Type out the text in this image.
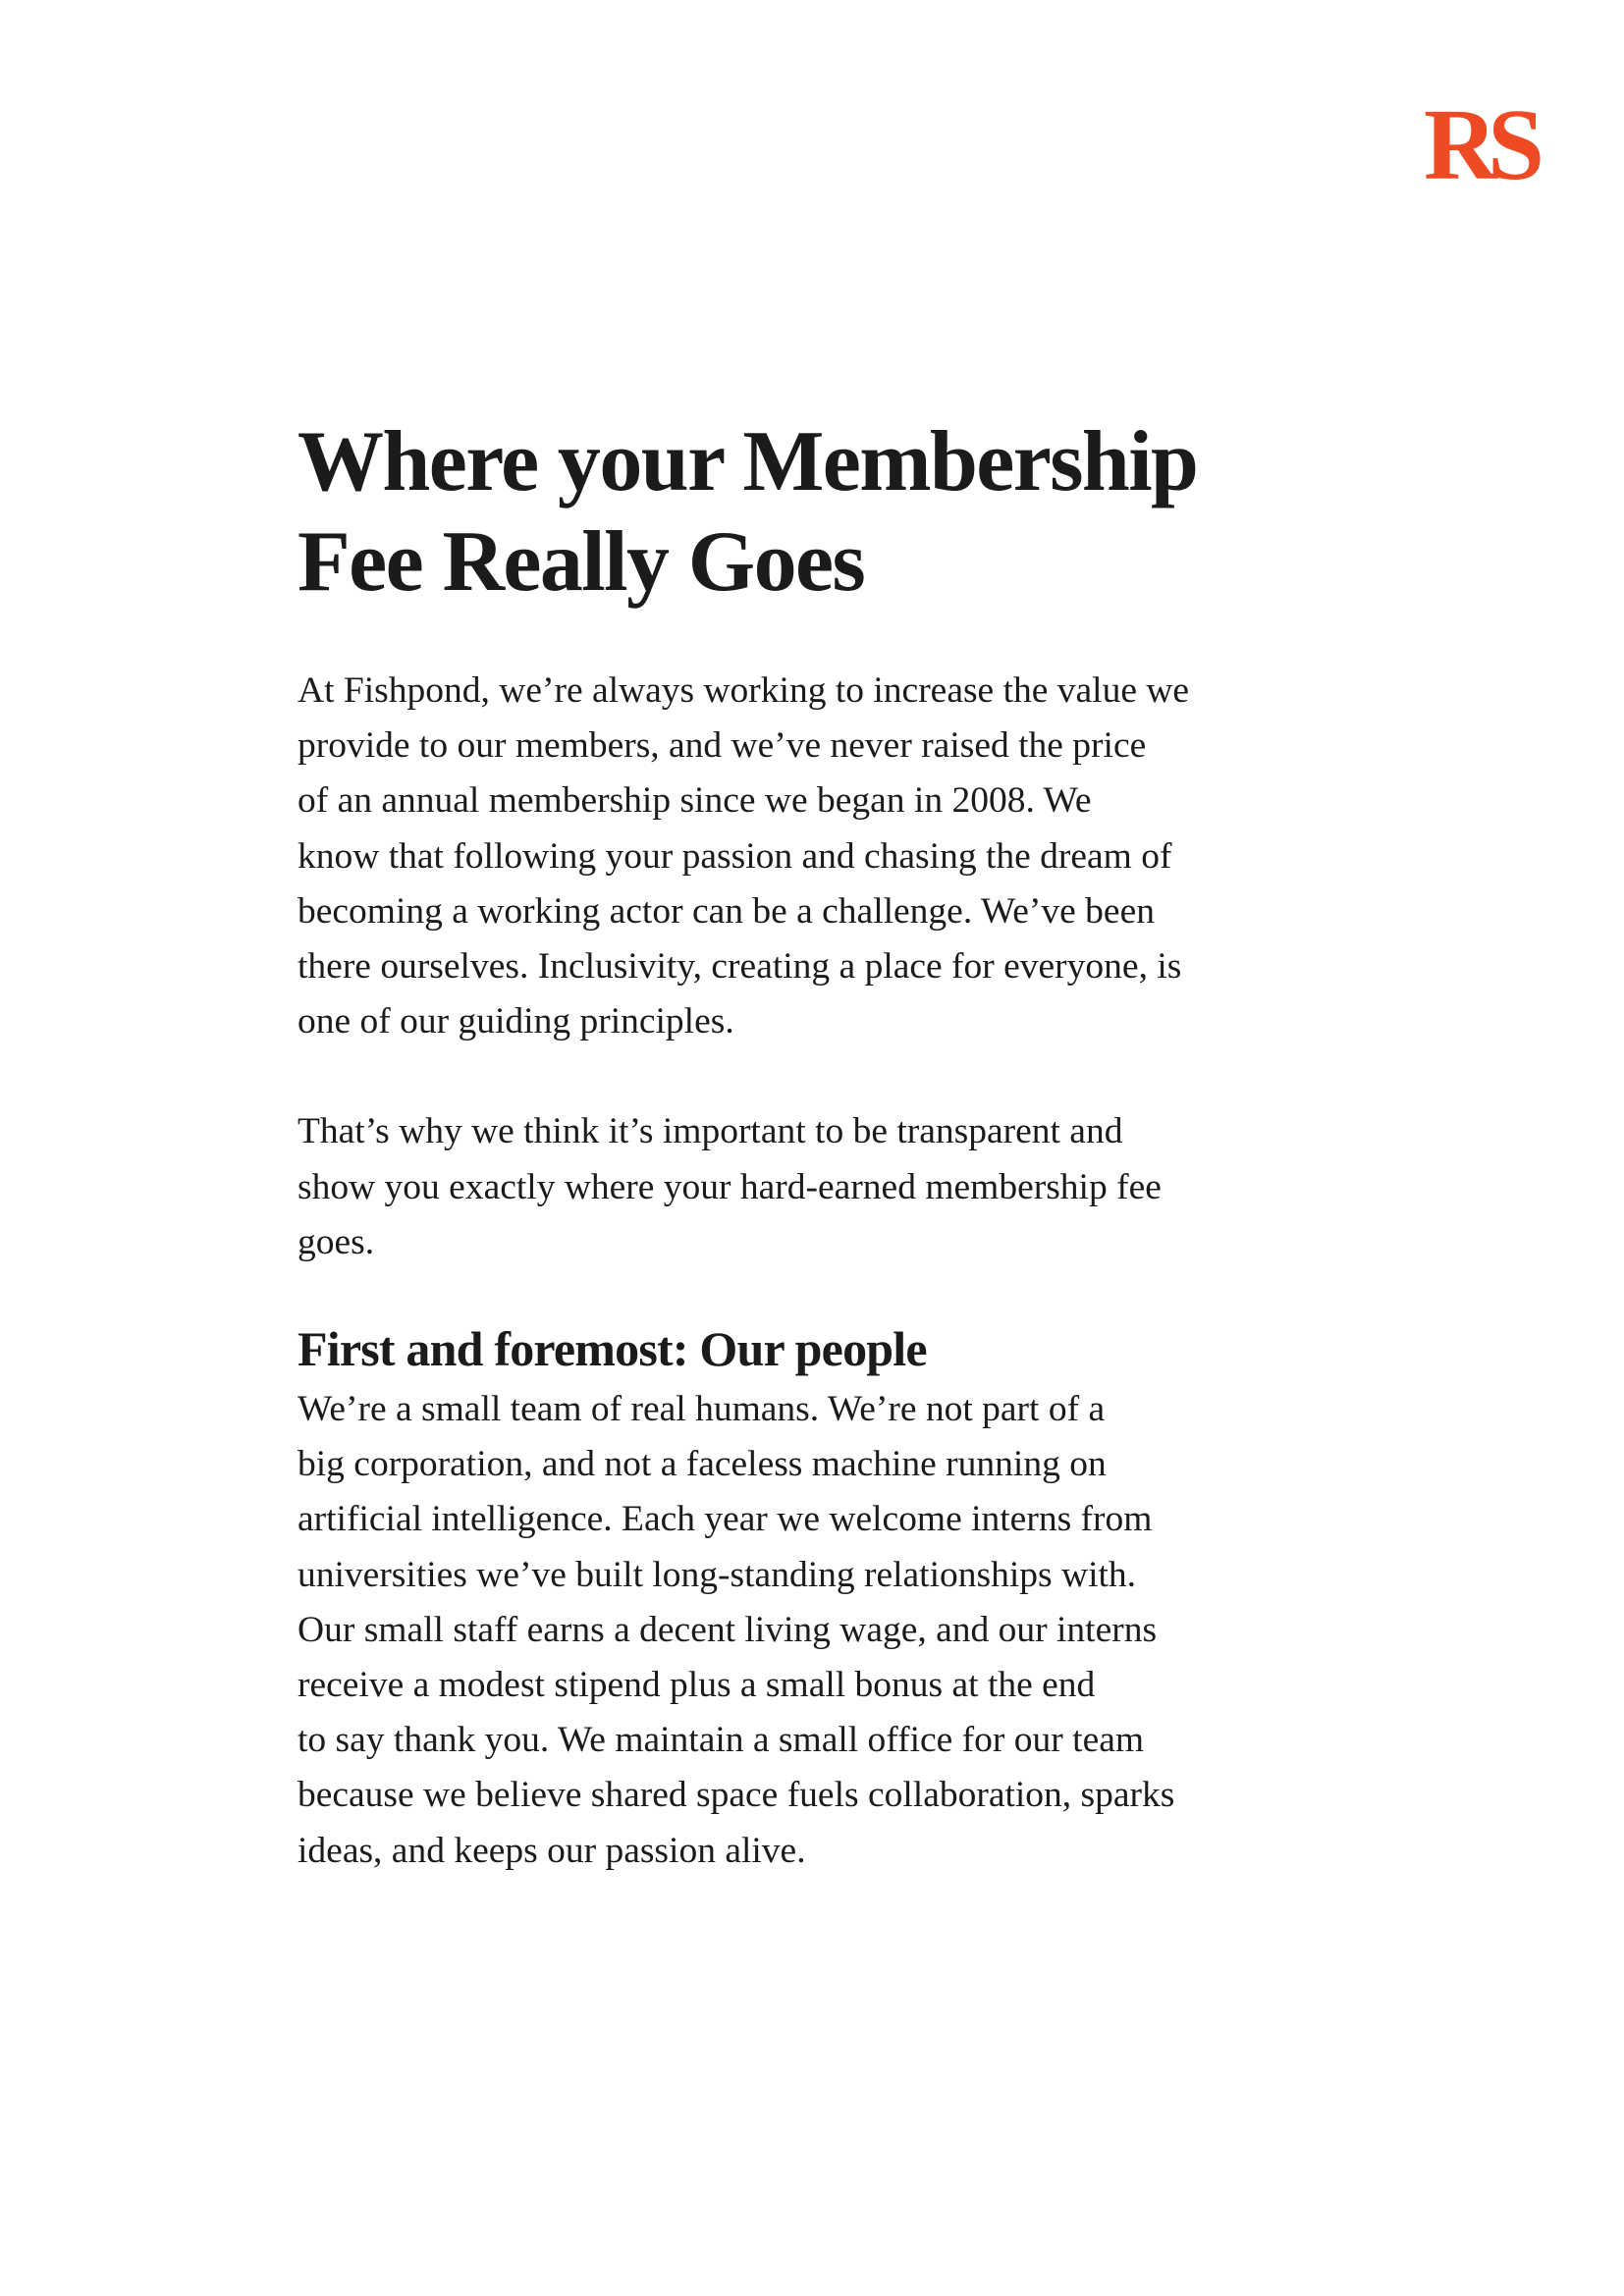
RS
Where your Membership
Fee Really Goes

At Fishpond, we’re always working to increase the value we
provide to our members, and we’ve never raised the price
of an annual membership since we began in 2008. We
know that following your passion and chasing the dream of
becoming a working actor can be a challenge. We’ve been
there ourselves. Inclusivity, creating a place for everyone, is
one of our guiding principles.

That’s why we think it’s important to be transparent and
show you exactly where your hard-earned membership fee
goes.

First and foremost: Our people

We’re a small team of real humans. We’re not part of a
big corporation, and not a faceless machine running on
artificial intelligence. Each year we welcome interns from
universities we’ve built long-standing relationships with.
Our small staff earns a decent living wage, and our interns
receive a modest stipend plus a small bonus at the end
to say thank you. We maintain a small office for our team
because we believe shared space fuels collaboration, sparks
ideas, and keeps our passion alive.
